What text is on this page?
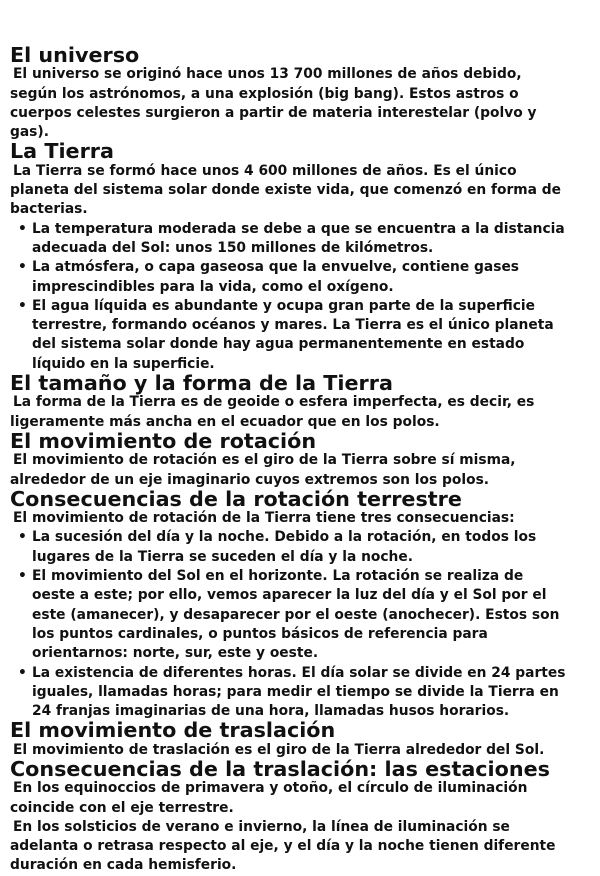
El universo

El universo se originó hace unos 13 700 millones de años debido, según los astrónomos, a una explosión (big bang). Estos astros o cuerpos celestes surgieron a partir de materia interestelar (polvo y gas).

La Tierra

La Tierra se formó hace unos 4 600 millones de años. Es el único planeta del sistema solar donde existe vida, que comenzó en forma de bacterias.

• La temperatura moderada se debe a que se encuentra a la distancia adecuada del Sol: unos 150 millones de kilómetros.
• La atmósfera, o capa gaseosa que la envuelve, contiene gases imprescindibles para la vida, como el oxígeno.
• El agua líquida es abundante y ocupa gran parte de la superficie terrestre, formando océanos y mares. La Tierra es el único planeta del sistema solar donde hay agua permanentemente en estado líquido en la superficie.
El tamaño y la forma de la Tierra

La forma de la Tierra es de geoide o esfera imperfecta, es decir, es ligeramente más ancha en el ecuador que en los polos.

El movimiento de rotación

El movimiento de rotación es el giro de la Tierra sobre sí misma, alrededor de un eje imaginario cuyos extremos son los polos.

Consecuencias de la rotación terrestre

El movimiento de rotación de la Tierra tiene tres consecuencias:

• La sucesión del día y la noche. Debido a la rotación, en todos los lugares de la Tierra se suceden el día y la noche.
• El movimiento del Sol en el horizonte. La rotación se realiza de oeste a este; por ello, vemos aparecer la luz del día y el Sol por el este (amanecer), y desaparecer por el oeste (anochecer). Estos son los puntos cardinales, o puntos básicos de referencia para orientarnos: norte, sur, este y oeste.
• La existencia de diferentes horas. El día solar se divide en 24 partes iguales, llamadas horas; para medir el tiempo se divide la Tierra en 24 franjas imaginarias de una hora, llamadas husos horarios.
El movimiento de traslación

El movimiento de traslación es el giro de la Tierra alrededor del Sol.

Consecuencias de la traslación: las estaciones

En los equinoccios de primavera y otoño, el círculo de iluminación coincide con el eje terrestre.

En los solsticios de verano e invierno, la línea de iluminación se adelanta o retrasa respecto al eje, y el día y la noche tienen diferente duración en cada hemisferio.
